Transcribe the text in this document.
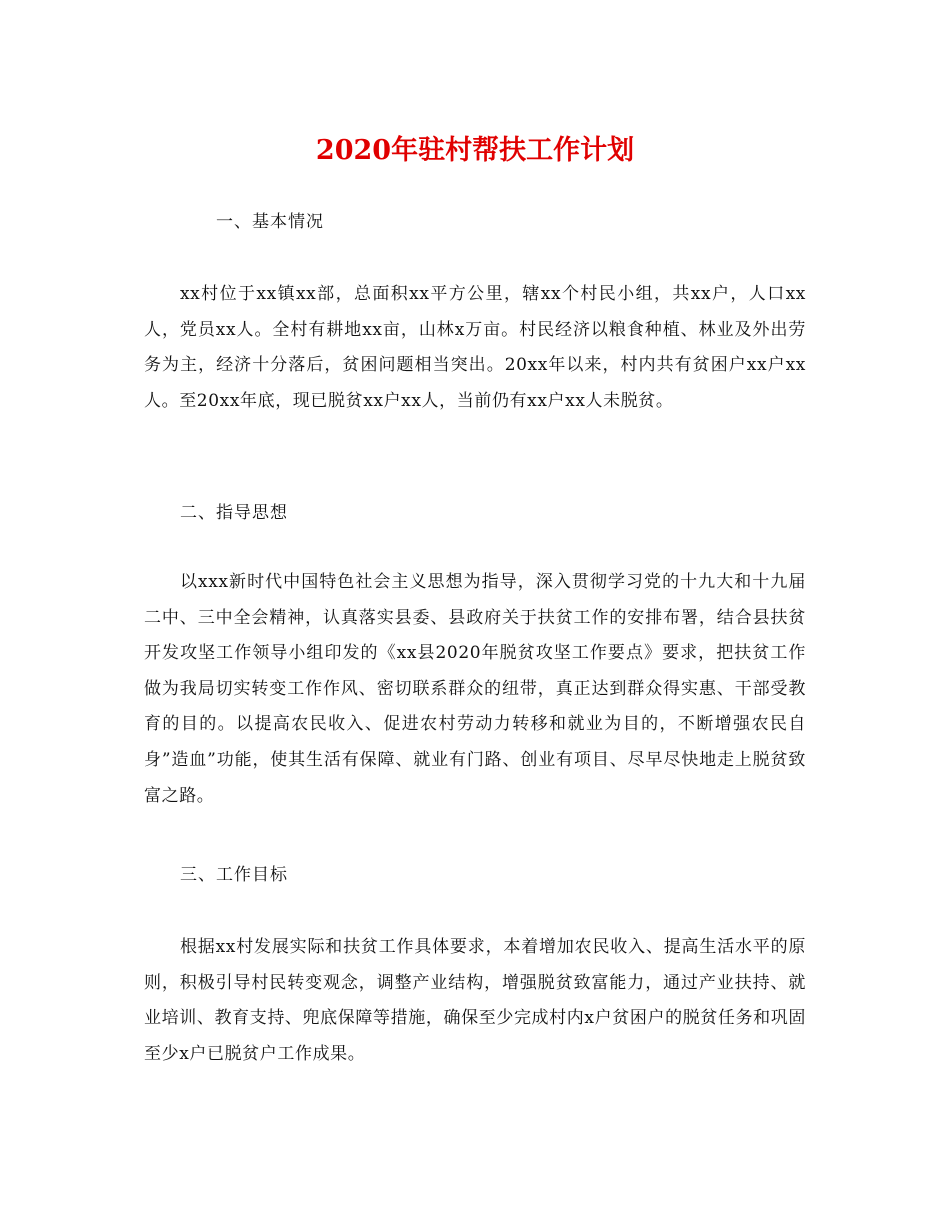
2020年驻村帮扶工作计划
一、基本情况
xx村位于xx镇xx部，总面积xx平方公里，辖xx个村民小组，共xx户，人口xx人，党员xx人。全村有耕地xx亩，山林x万亩。村民经济以粮食种植、林业及外出劳务为主，经济十分落后，贫困问题相当突出。20xx年以来，村内共有贫困户xx户xx人。至20xx年底，现已脱贫xx户xx人，当前仍有xx户xx人未脱贫。
二、指导思想
以xxx新时代中国特色社会主义思想为指导，深入贯彻学习党的十九大和十九届二中、三中全会精神，认真落实县委、县政府关于扶贫工作的安排布署，结合县扶贫开发攻坚工作领导小组印发的《xx县2020年脱贫攻坚工作要点》要求，把扶贫工作做为我局切实转变工作作风、密切联系群众的纽带，真正达到群众得实惠、干部受教育的目的。以提高农民收入、促进农村劳动力转移和就业为目的，不断增强农民自身”造血”功能，使其生活有保障、就业有门路、创业有项目、尽早尽快地走上脱贫致富之路。
三、工作目标
根据xx村发展实际和扶贫工作具体要求，本着增加农民收入、提高生活水平的原则，积极引导村民转变观念，调整产业结构，增强脱贫致富能力，通过产业扶持、就业培训、教育支持、兜底保障等措施，确保至少完成村内x户贫困户的脱贫任务和巩固至少x户已脱贫户工作成果。
